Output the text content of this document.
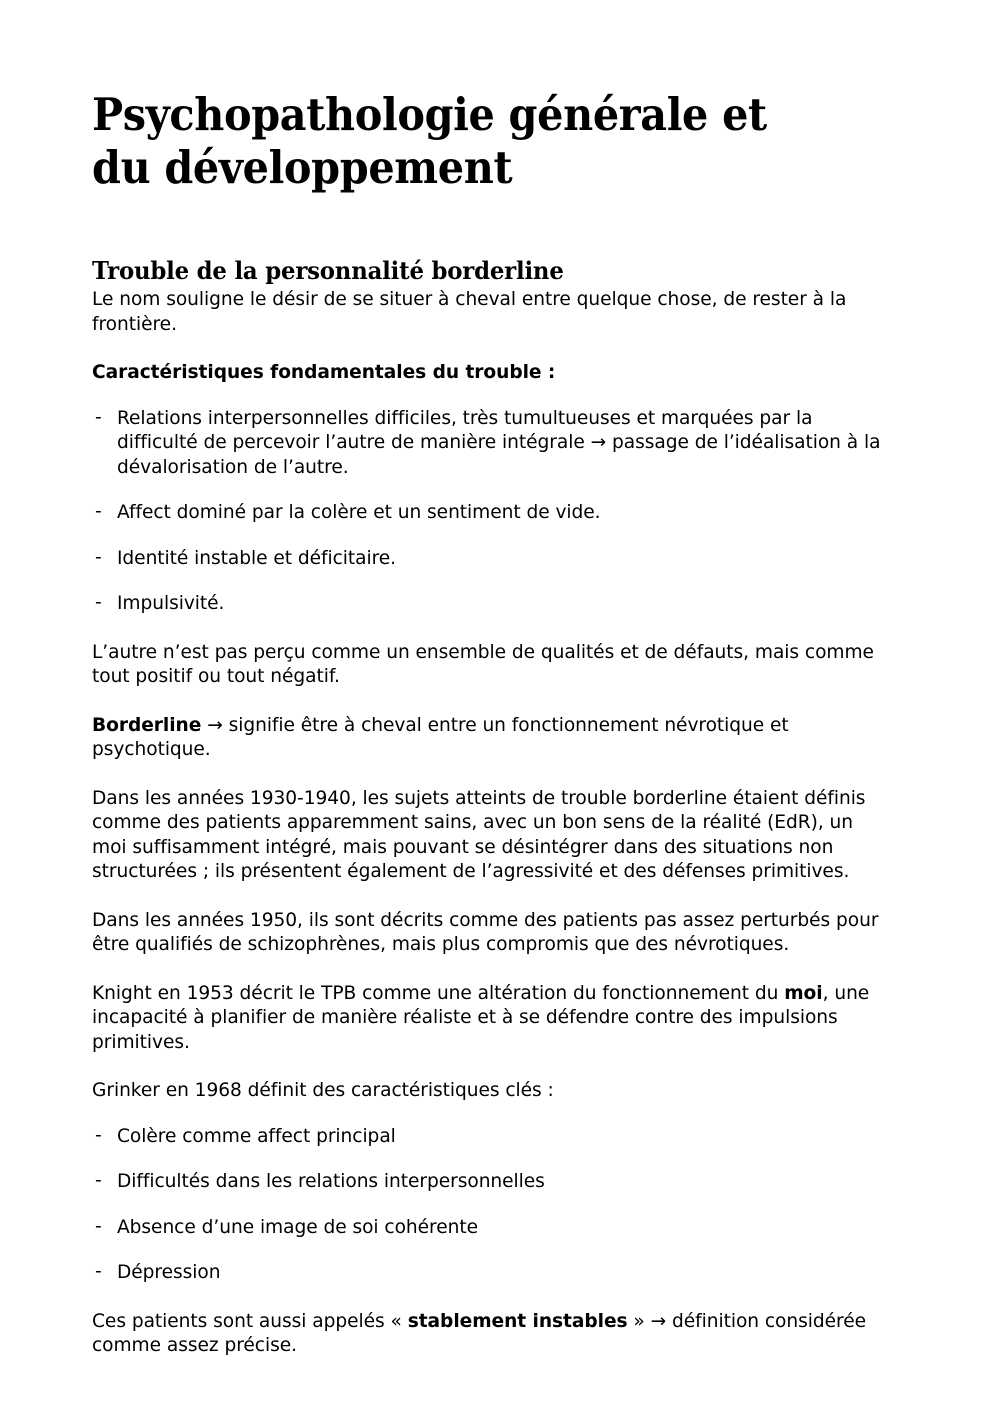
Psychopathologie générale et du développement
Trouble de la personnalité borderline

Le nom souligne le désir de se situer à cheval entre quelque chose, de rester à la frontière.

Caractéristiques fondamentales du trouble :

- Relations interpersonnelles difficiles, très tumultueuses et marquées par la difficulté de percevoir l’autre de manière intégrale → passage de l’idéalisation à la dévalorisation de l’autre.
- Affect dominé par la colère et un sentiment de vide.
- Identité instable et déficitaire.
- Impulsivité.

L’autre n’est pas perçu comme un ensemble de qualités et de défauts, mais comme tout positif ou tout négatif.

Borderline → signifie être à cheval entre un fonctionnement névrotique et psychotique.

Dans les années 1930-1940, les sujets atteints de trouble borderline étaient définis comme des patients apparemment sains, avec un bon sens de la réalité (EdR), un moi suffisamment intégré, mais pouvant se désintégrer dans des situations non structurées ; ils présentent également de l’agressivité et des défenses primitives.

Dans les années 1950, ils sont décrits comme des patients pas assez perturbés pour être qualifiés de schizophrènes, mais plus compromis que des névrotiques.

Knight en 1953 décrit le TPB comme une altération du fonctionnement du moi, une incapacité à planifier de manière réaliste et à se défendre contre des impulsions primitives.

Grinker en 1968 définit des caractéristiques clés :

- Colère comme affect principal
- Difficultés dans les relations interpersonnelles
- Absence d’une image de soi cohérente
- Dépression

Ces patients sont aussi appelés « stablement instables » → définition considérée comme assez précise.
